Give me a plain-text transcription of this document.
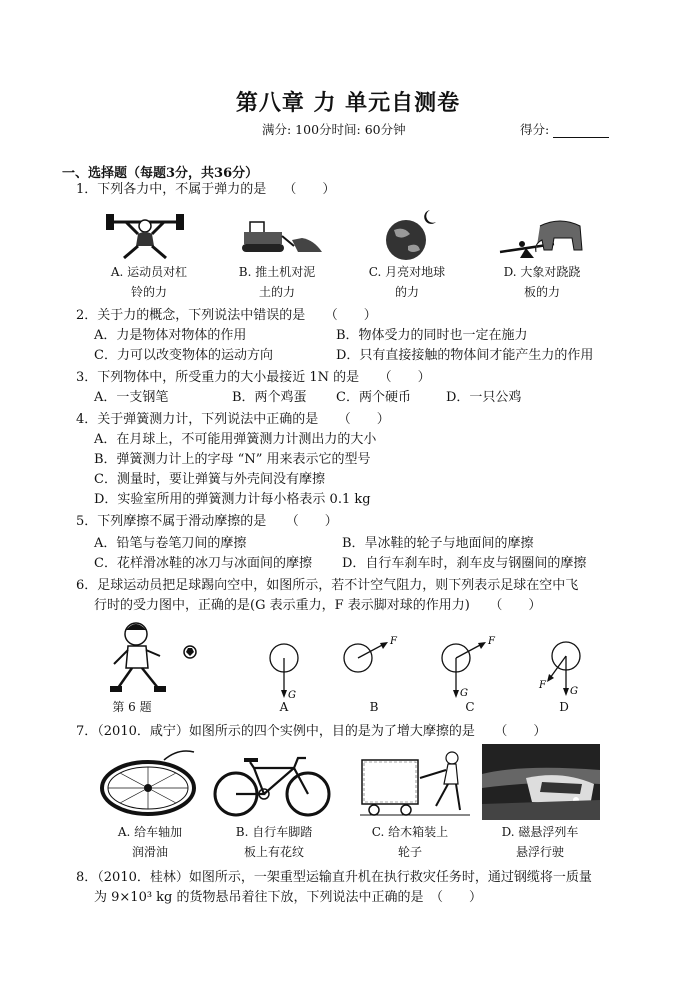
第八章 力 单元自测卷
满分: 100分时间: 60分钟	得分:
一、选择题（每题3分，共36分）
1．下列各力中，不属于弹力的是　 （　　）
A. 运动员对杠
铃的力
B. 推土机对泥
土的力
C. 月亮对地球
的力
D. 大象对跷跷
板的力
2．关于力的概念，下列说法中错误的是　　（　　）
A．力是物体对物体的作用	B．物体受力的同时也一定在施力
C．力可以改变物体的运动方向	D．只有直接接触的物体间才能产生力的作用
3．下列物体中，所受重力的大小最接近 1N 的是　　（　　）
A．一支钢笔	B．两个鸡蛋 C．两个硬币	D．一只公鸡
4．关于弹簧测力计，下列说法中正确的是　　（　　）
A．在月球上，不可能用弹簧测力计测出力的大小
B．弹簧测力计上的字母 “N” 用来表示它的型号
C．测量时，要让弹簧与外壳间没有摩擦
D．实验室所用的弹簧测力计每小格表示 0.1 kg
5．下列摩擦不属于滑动摩擦的是　　（　　）
A．铅笔与卷笔刀间的摩擦	B．旱冰鞋的轮子与地面间的摩擦
C．花样滑冰鞋的冰刀与冰面间的摩擦 D．自行车刹车时，刹车皮与钢圈间的摩擦
6．足球运动员把足球踢向空中，如图所示，若不计空气阻力，则下列表示足球在空中飞
行时的受力图中，正确的是(G 表示重力，F 表示脚对球的作用力)　　（　　）
第 6 题
G
F	F
G
F
G
A	B	C	D
7．（2010．咸宁）如图所示的四个实例中，目的是为了增大摩擦的是　　（　　）
A. 给车轴加
润滑油
B. 自行车脚踏
板上有花纹
C. 给木箱装上
轮子
D. 磁悬浮列车
悬浮行驶
8．（2010．桂林）如图所示，一架重型运输直升机在执行救灾任务时，通过钢缆将一质量
为 9×10³ kg 的货物悬吊着往下放，下列说法中正确的是　（　　）
